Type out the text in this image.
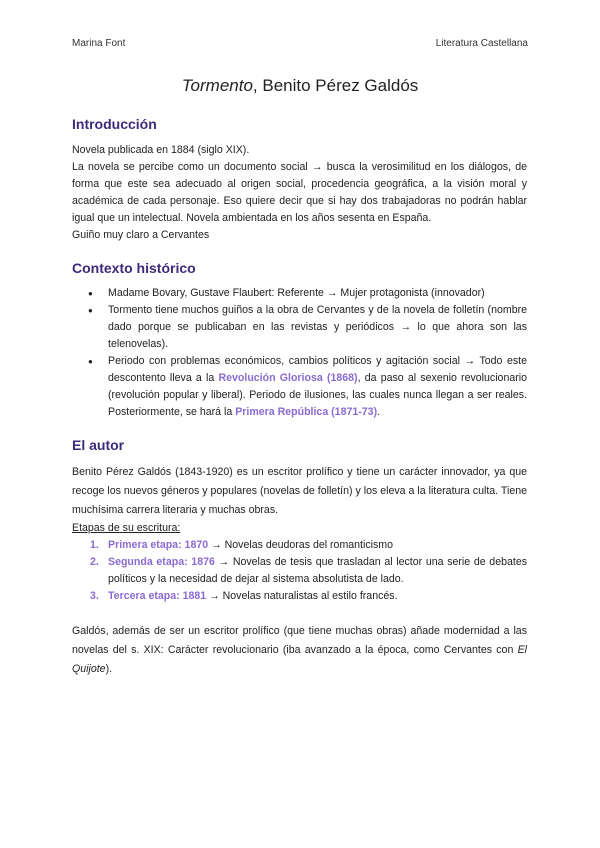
Marina Font	Literatura Castellana
Tormento, Benito Pérez Galdós
Introducción

Novela publicada en 1884 (siglo XIX).

La novela se percibe como un documento social → busca la verosimilitud en los diálogos, de forma que este sea adecuado al origen social, procedencia geográfica, a la visión moral y académica de cada personaje. Eso quiere decir que si hay dos trabajadoras no podrán hablar igual que un intelectual. Novela ambientada en los años sesenta en España.

Guiño muy claro a Cervantes

Contexto histórico
● Madame Bovary, Gustave Flaubert: Referente → Mujer protagonista (innovador)
● Tormento tiene muchos guiños a la obra de Cervantes y de la novela de folletín (nombre dado porque se publicaban en las revistas y periódicos → lo que ahora son las telenovelas).
● Periodo con problemas económicos, cambios políticos y agitación social → Todo este descontento lleva a la Revolución Gloriosa (1868), da paso al sexenio revolucionario (revolución popular y liberal). Periodo de ilusiones, las cuales nunca llegan a ser reales. Posteriormente, se hará la Primera República (1871-73).
El autor

Benito Pérez Galdós (1843-1920) es un escritor prolífico y tiene un carácter innovador, ya que recoge los nuevos géneros y populares (novelas de folletín) y los eleva a la literatura culta. Tiene muchísima carrera literaria y muchas obras.

Etapas de su escritura:

1. Primera etapa: 1870 → Novelas deudoras del romanticismo
2. Segunda etapa: 1876 → Novelas de tesis que trasladan al lector una serie de debates políticos y la necesidad de dejar al sistema absolutista de lado.
3. Tercera etapa: 1881 → Novelas naturalistas al estilo francés.

Galdós, además de ser un escritor prolífico (que tiene muchas obras) añade modernidad a las novelas del s. XIX: Carácter revolucionario (iba avanzado a la época, como Cervantes con El Quijote).
